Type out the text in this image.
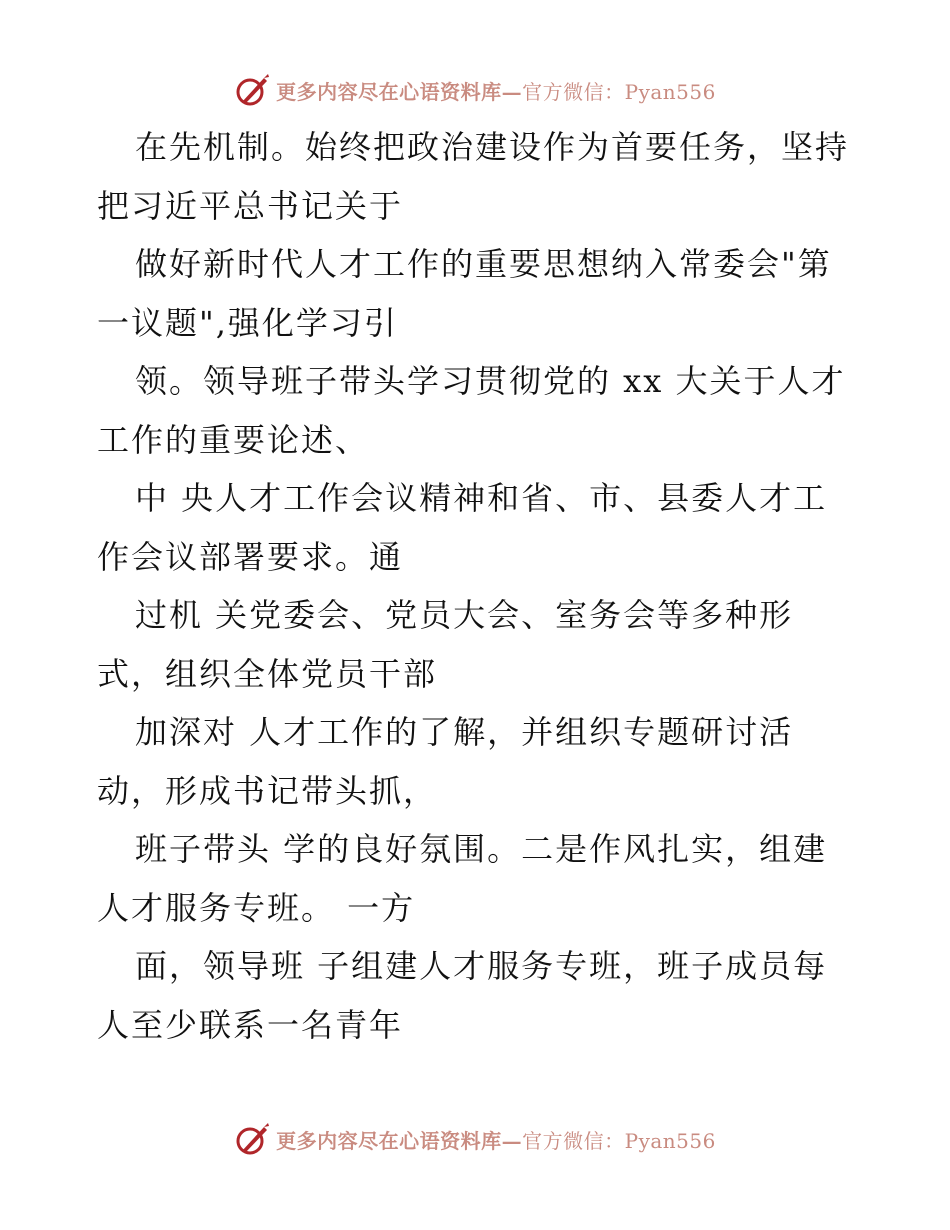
更多内容尽在心语资料库—官方微信：Pyan556
在先机制。始终把政治建设作为首要任务，坚持
把习近平总书记关于
做好新时代人才工作的重要思想纳入常委会"第
一议题",强化学习引
领。领导班子带头学习贯彻党的 xx 大关于人才
工作的重要论述、
中 央人才工作会议精神和省、市、县委人才工
作会议部署要求。通
过机 关党委会、党员大会、室务会等多种形
式，组织全体党员干部
加深对 人才工作的了解，并组织专题研讨活
动，形成书记带头抓，
班子带头 学的良好氛围。二是作风扎实，组建
人才服务专班。 一方
面，领导班 子组建人才服务专班，班子成员每
人至少联系一名青年
更多内容尽在心语资料库—官方微信：Pyan556
